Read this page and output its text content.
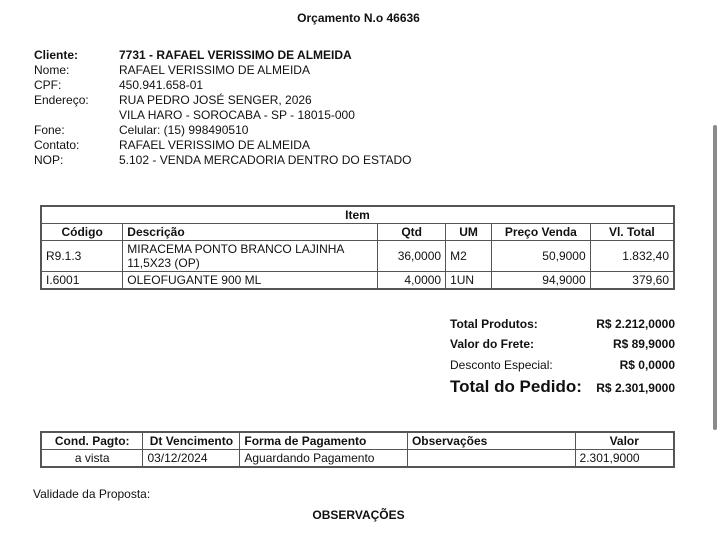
Orçamento N.o 46636
Cliente:	7731 - RAFAEL VERISSIMO DE ALMEIDA
Nome:	RAFAEL VERISSIMO DE ALMEIDA
CPF:	450.941.658-01
Endereço:	RUA PEDRO JOSÉ SENGER, 2026
VILA HARO - SOROCABA - SP - 18015-000
Fone:	Celular: (15) 998490510
Contato:	RAFAEL VERISSIMO DE ALMEIDA
NOP:	5.102 - VENDA MERCADORIA DENTRO DO ESTADO
Item					
Código	Descrição	Qtd	UM	Preço Venda	Vl. Total
R9.1.3	MIRACEMA PONTO BRANCO LAJINHA 11,5X23 (OP)	36,0000	M2	50,9000	1.832,40
I.6001	OLEOFUGANTE 900 ML	4,0000	1UN	94,9000	379,60
Total Produtos:	R$ 2.212,0000
Valor do Frete:	R$ 89,9000
Desconto Especial:	R$ 0,0000
Total do Pedido: R$ 2.301,9000
Cond. Pagto:	Dt Vencimento	Forma de Pagamento	Observações	Valor
a vista	03/12/2024	Aguardando Pagamento		2.301,9000
Validade da Proposta:
OBSERVAÇÕES
